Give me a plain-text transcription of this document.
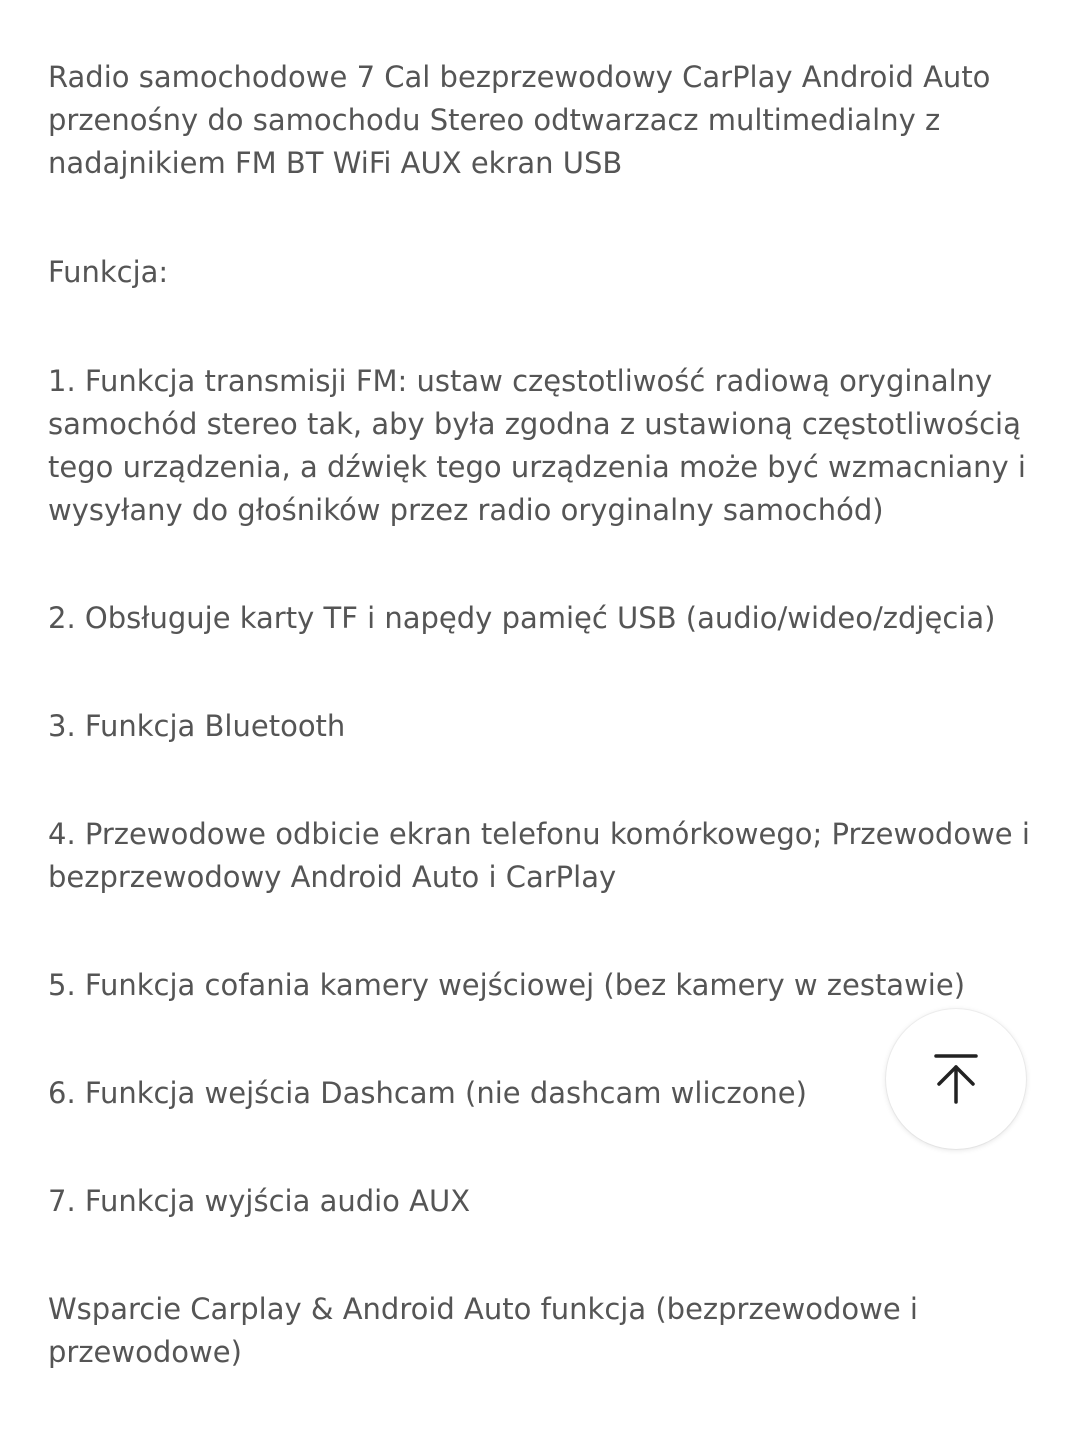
Radio samochodowe 7 Cal bezprzewodowy CarPlay Android Auto przenośny do samochodu Stereo odtwarzacz multimedialny z nadajnikiem FM BT WiFi AUX ekran USB

Funkcja:

1. Funkcja transmisji FM: ustaw częstotliwość radiową oryginalny samochód stereo tak, aby była zgodna z ustawioną częstotliwością tego urządzenia, a dźwięk tego urządzenia może być wzmacniany i wysyłany do głośników przez radio oryginalny samochód)

2. Obsługuje karty TF i napędy pamięć USB (audio/wideo/zdjęcia)

3. Funkcja Bluetooth

4. Przewodowe odbicie ekran telefonu komórkowego; Przewodowe i bezprzewodowy Android Auto i CarPlay

5. Funkcja cofania kamery wejściowej (bez kamery w zestawie)

6. Funkcja wejścia Dashcam (nie dashcam wliczone)

7. Funkcja wyjścia audio AUX

Wsparcie Carplay & Android Auto funkcja (bezprzewodowe i przewodowe)
